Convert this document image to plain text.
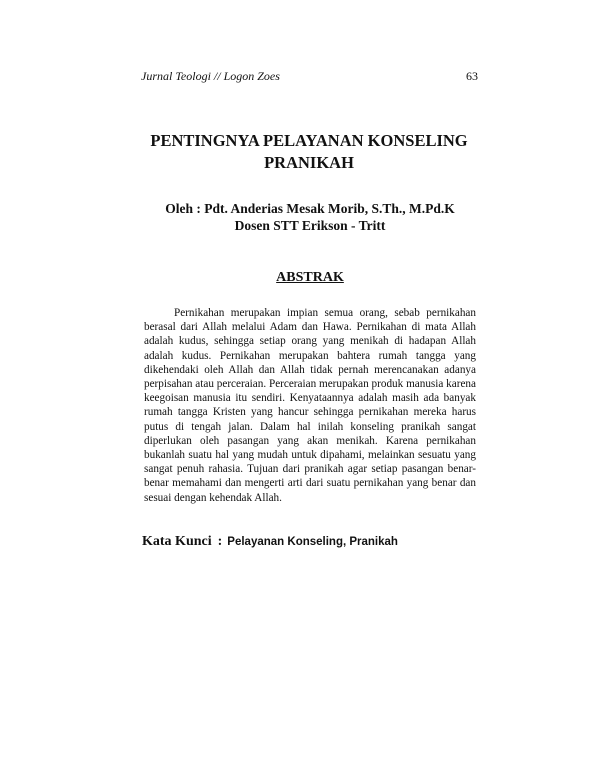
Jurnal Teologi // Logon Zoes	63
PENTINGNYA PELAYANAN KONSELING
PRANIKAH
Oleh : Pdt. Anderias Mesak Morib, S.Th., M.Pd.K
Dosen STT Erikson - Tritt
ABSTRAK

Pernikahan merupakan impian semua orang, sebab pernikahan berasal dari Allah melalui Adam dan Hawa. Pernikahan di mata Allah adalah kudus, sehingga setiap orang yang menikah di hadapan Allah adalah kudus. Pernikahan merupakan bahtera rumah tangga yang dikehendaki oleh Allah dan Allah tidak pernah merencanakan adanya perpisahan atau perceraian. Perceraian merupakan produk manusia karena keegoisan manusia itu sendiri. Kenyataannya adalah masih ada banyak rumah tangga Kristen yang hancur sehingga pernikahan mereka harus putus di tengah jalan. Dalam hal inilah konseling pranikah sangat diperlukan oleh pasangan yang akan menikah. Karena pernikahan bukanlah suatu hal yang mudah untuk dipahami, melainkan sesuatu yang sangat penuh rahasia. Tujuan dari pranikah agar setiap pasangan benar-benar memahami dan mengerti arti dari suatu pernikahan yang benar dan sesuai dengan kehendak Allah.

Kata Kunci : Pelayanan Konseling, Pranikah
